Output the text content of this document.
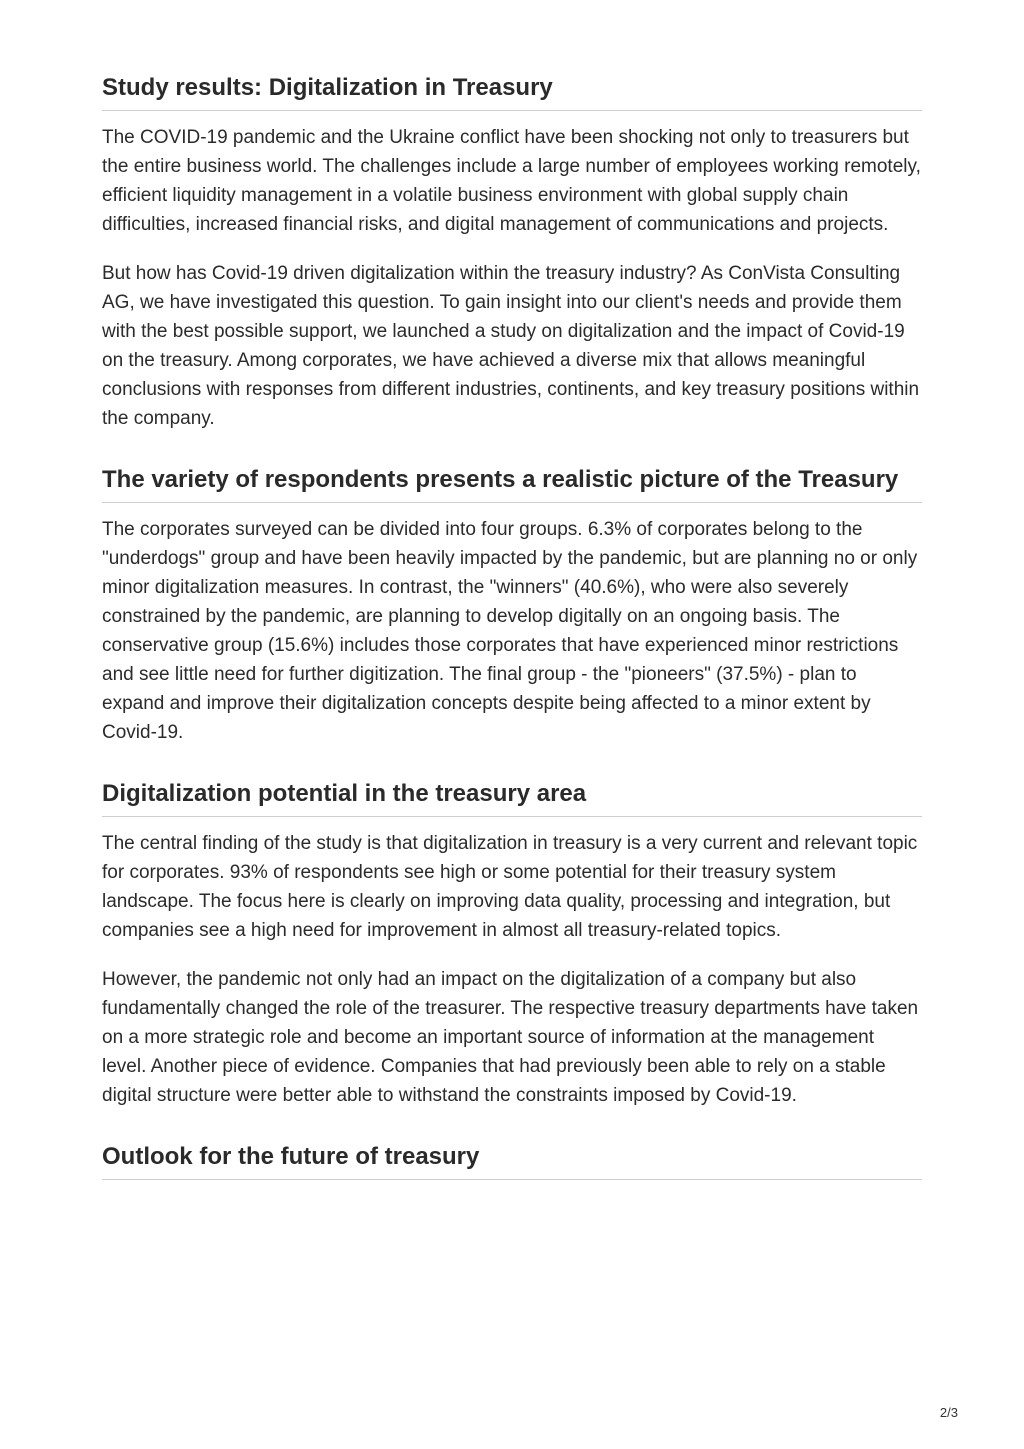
Study results: Digitalization in Treasury

The COVID-19 pandemic and the Ukraine conflict have been shocking not only to treasurers but the entire business world. The challenges include a large number of employees working remotely, efficient liquidity management in a volatile business environment with global supply chain difficulties, increased financial risks, and digital management of communications and projects.

But how has Covid-19 driven digitalization within the treasury industry? As ConVista Consulting AG, we have investigated this question. To gain insight into our client's needs and provide them with the best possible support, we launched a study on digitalization and the impact of Covid-19 on the treasury. Among corporates, we have achieved a diverse mix that allows meaningful conclusions with responses from different industries, continents, and key treasury positions within the company.

The variety of respondents presents a realistic picture of the Treasury

The corporates surveyed can be divided into four groups. 6.3% of corporates belong to the "underdogs" group and have been heavily impacted by the pandemic, but are planning no or only minor digitalization measures. In contrast, the "winners" (40.6%), who were also severely constrained by the pandemic, are planning to develop digitally on an ongoing basis. The conservative group (15.6%) includes those corporates that have experienced minor restrictions and see little need for further digitization. The final group - the "pioneers" (37.5%) - plan to expand and improve their digitalization concepts despite being affected to a minor extent by Covid-19.

Digitalization potential in the treasury area

The central finding of the study is that digitalization in treasury is a very current and relevant topic for corporates. 93% of respondents see high or some potential for their treasury system landscape. The focus here is clearly on improving data quality, processing and integration, but companies see a high need for improvement in almost all treasury-related topics.

However, the pandemic not only had an impact on the digitalization of a company but also fundamentally changed the role of the treasurer. The respective treasury departments have taken on a more strategic role and become an important source of information at the management level. Another piece of evidence. Companies that had previously been able to rely on a stable digital structure were better able to withstand the constraints imposed by Covid-19.

Outlook for the future of treasury
2/3
